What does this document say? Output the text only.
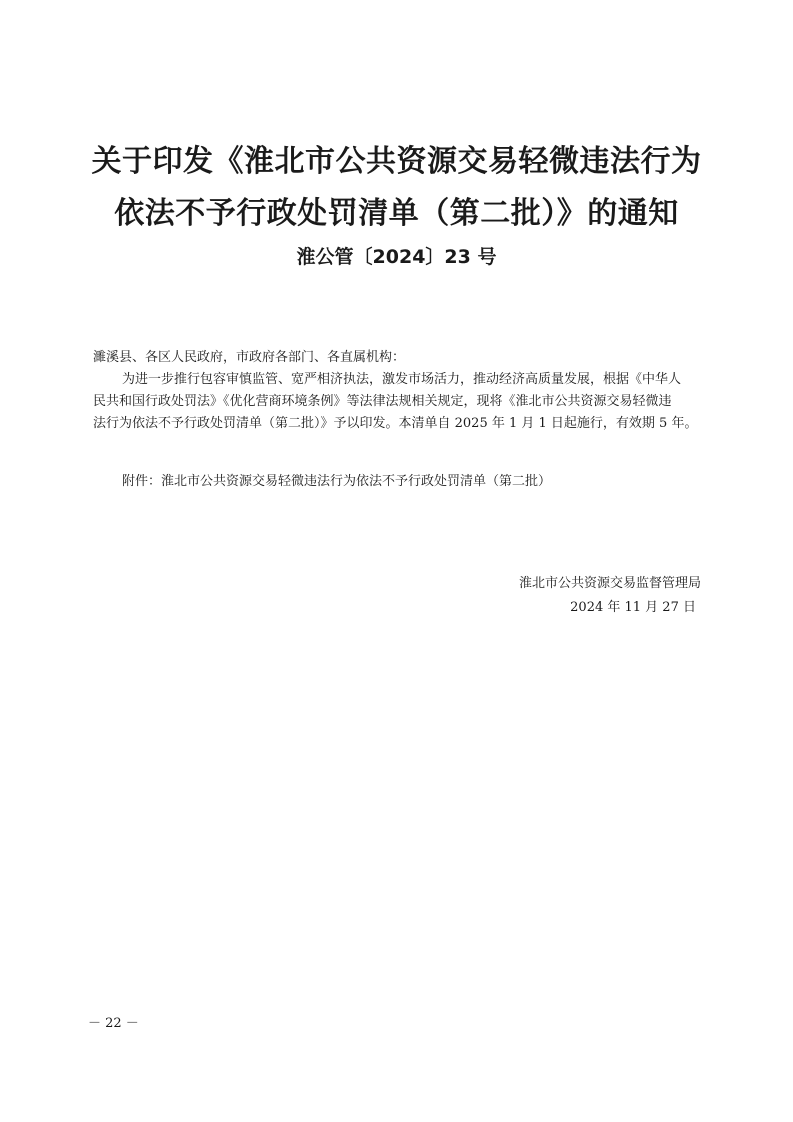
关于印发《淮北市公共资源交易轻微违法行为
依法不予行政处罚清单（第二批）》的通知
淮公管〔2024〕23 号
濉溪县、各区人民政府，市政府各部门、各直属机构：
为进一步推行包容审慎监管、宽严相济执法，激发市场活力，推动经济高质量发展，根据《中华人
民共和国行政处罚法》《优化营商环境条例》等法律法规相关规定，现将《淮北市公共资源交易轻微违
法行为依法不予行政处罚清单（第二批）》予以印发。本清单自 2025 年 1 月 1 日起施行，有效期 5 年。
附件：淮北市公共资源交易轻微违法行为依法不予行政处罚清单（第二批）
淮北市公共资源交易监督管理局
2024 年 11 月 27 日
－ 22 －
